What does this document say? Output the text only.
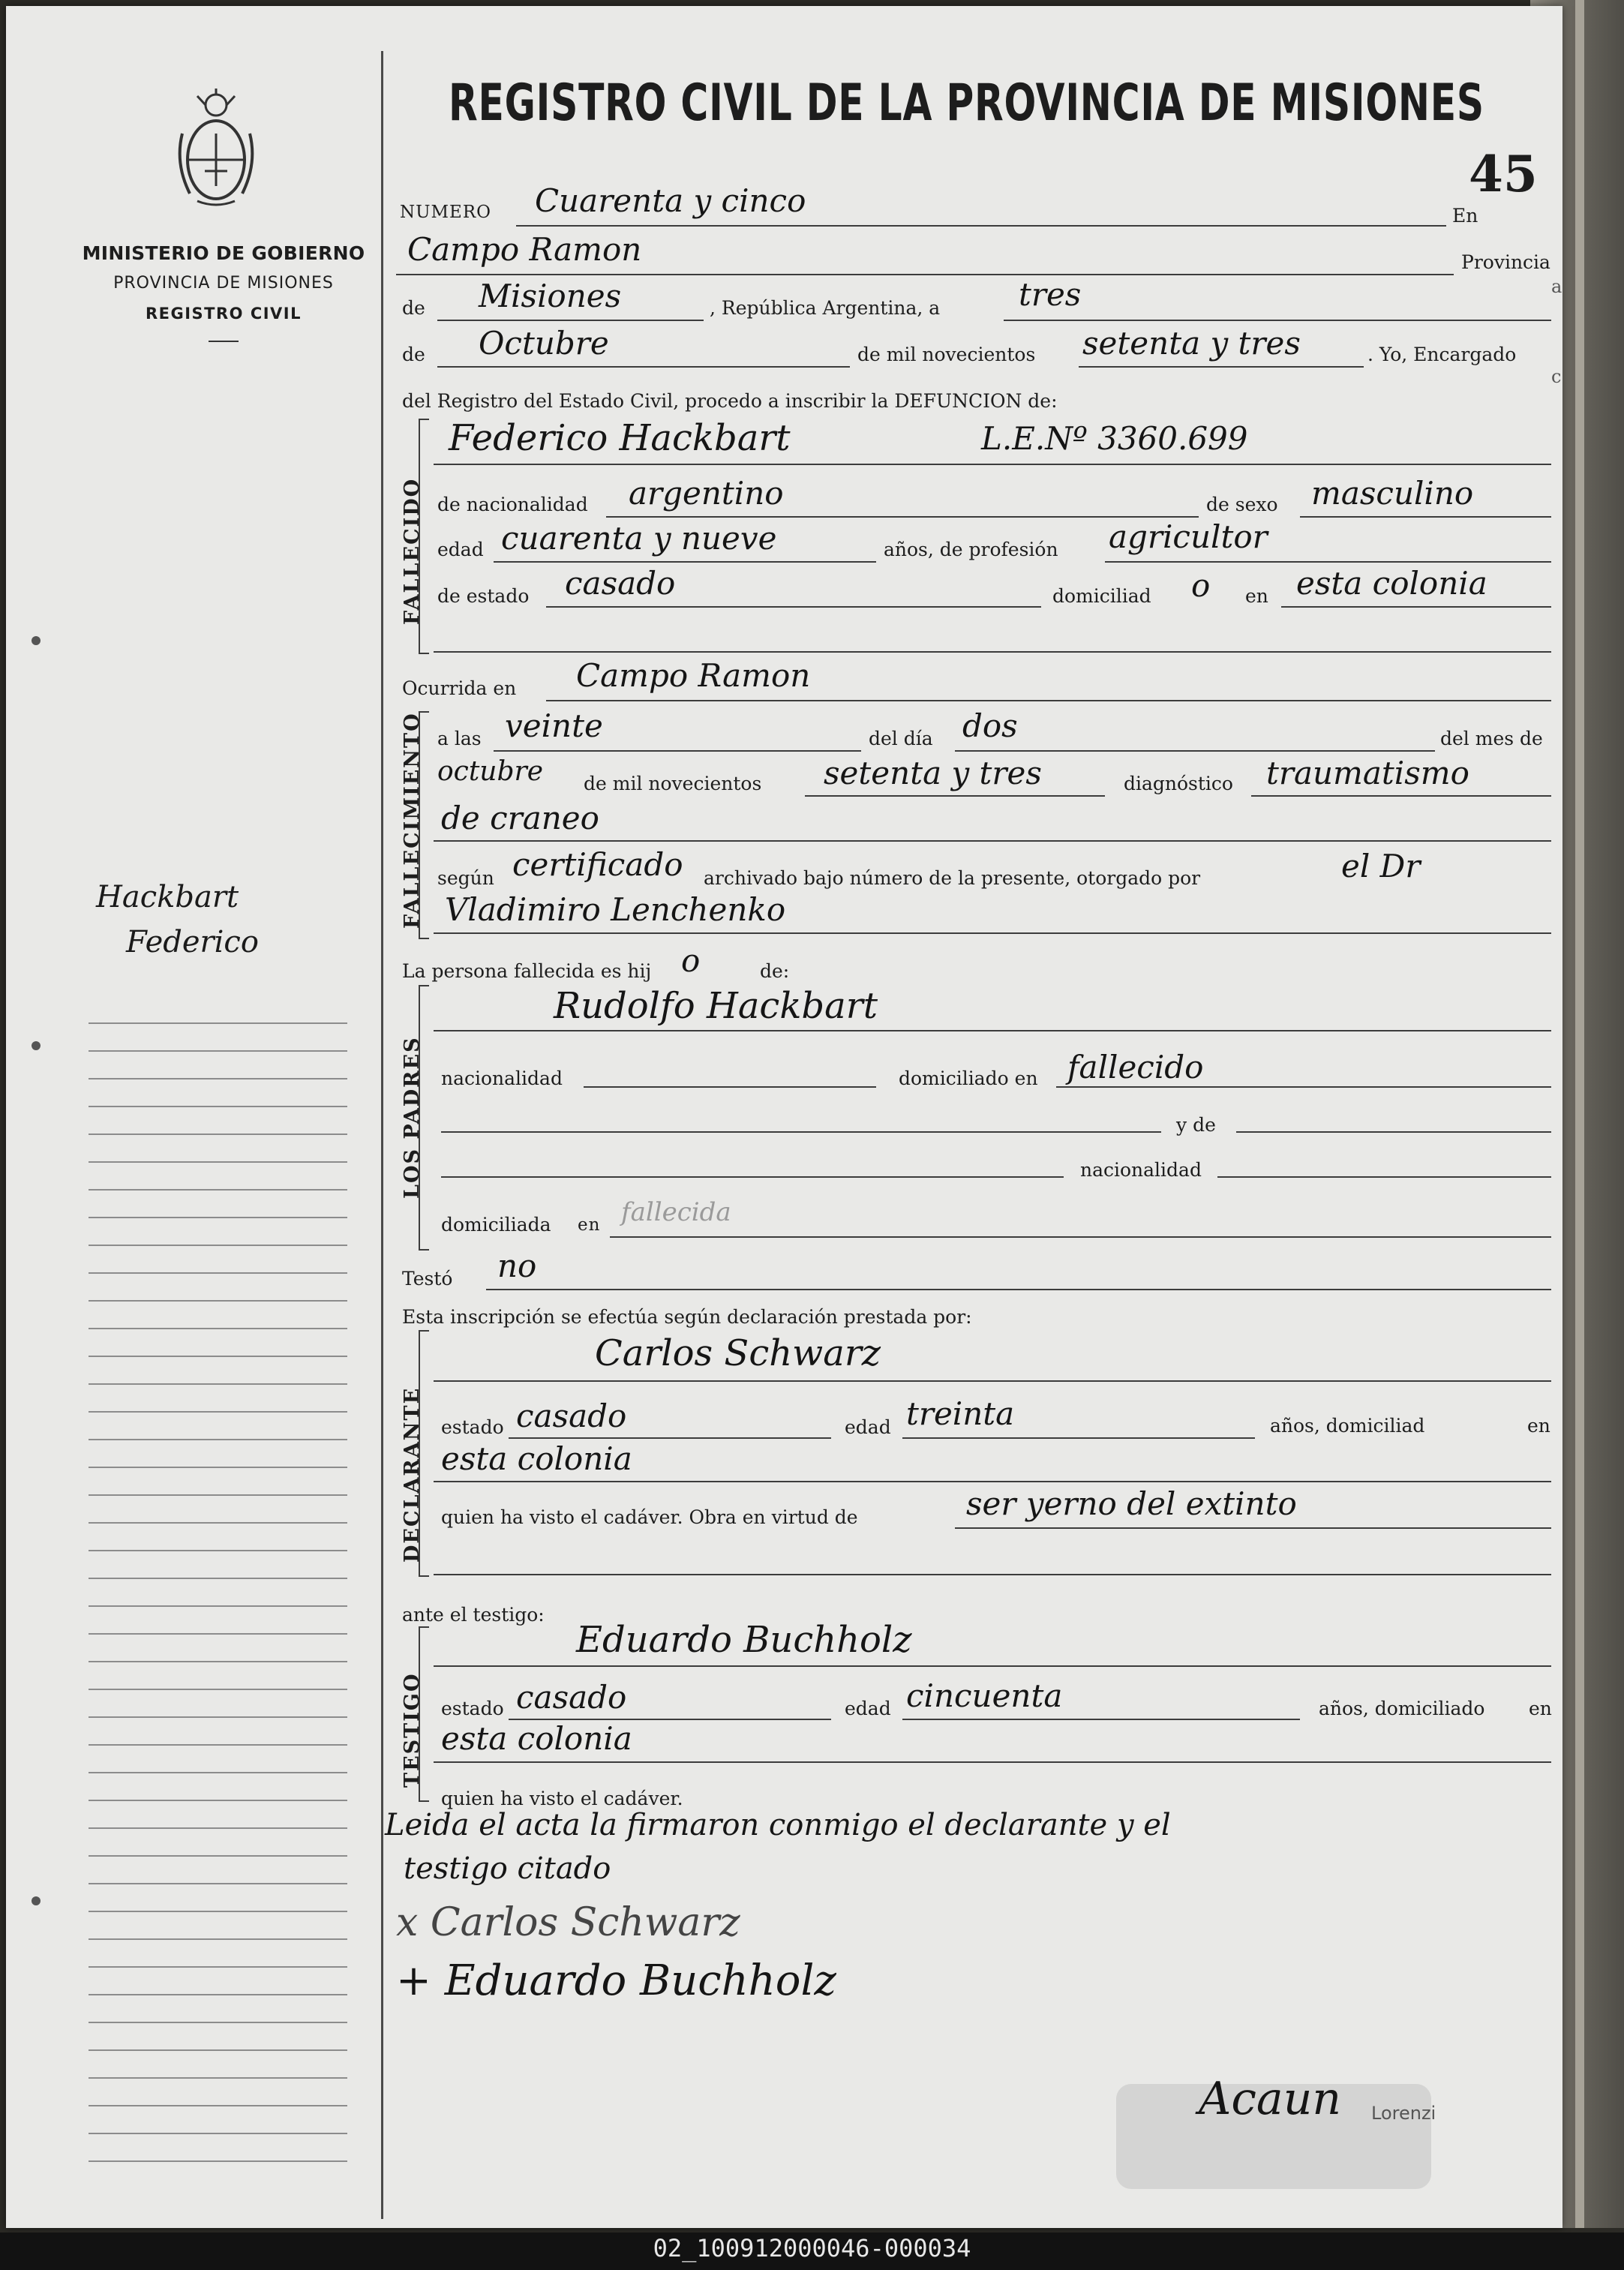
MINISTERIO DE GOBIERNO
PROVINCIA DE MISIONES
REGISTRO CIVIL
Hackbart
Federico
REGISTRO CIVIL DE LA PROVINCIA DE MISIONES
45
NUMERO Cuarenta y cinco	En
Campo Ramon	Provincia
de Misiones	, República Argentina, a tres
de Octubre	de mil novecientos setenta y tres	. Yo, Encargado
del Registro del Estado Civil, procedo a inscribir la DEFUNCION de:
FALLECIDO
Federico Hackbart	L.E.Nº 3360.699
de nacionalidad argentino	de sexo masculino
edad cuarenta y nueve	años, de profesión agricultor
de estado casado	domiciliad o en esta colonia
Ocurrida en Campo Ramon
FALLECIMIENTO a las veinte	del día dos	del mes de
octubre de mil novecientos setenta y tres	diagnóstico traumatismo
de craneo
según certificado archivado bajo número de la presente, otorgado por	el Dr
Vladimiro Lenchenko
La persona fallecida es hij o	de:
LOS PADRES
Rudolfo Hackbart
nacionalidad	domiciliado en fallecido
y de
nacionalidad
domiciliada en fallecida
Testó no
Esta inscripción se efectúa según declaración prestada por:
DECLARANTE
Carlos Schwarz
estado casado	edad treinta	años, domiciliad	en
esta colonia
quien ha visto el cadáver. Obra en virtud de	ser yerno del extinto
ante el testigo:
TESTIGO
Eduardo Buchholz
estado casado	edad cincuenta	años, domiciliado en
esta colonia
quien ha visto el cadáver.
Leida el acta la firmaron conmigo el declarante y el
testigo citado
x Carlos Schwarz
+ Eduardo Buchholz
Lorenzi
Acaun
a
c
02_100912000046-000034
